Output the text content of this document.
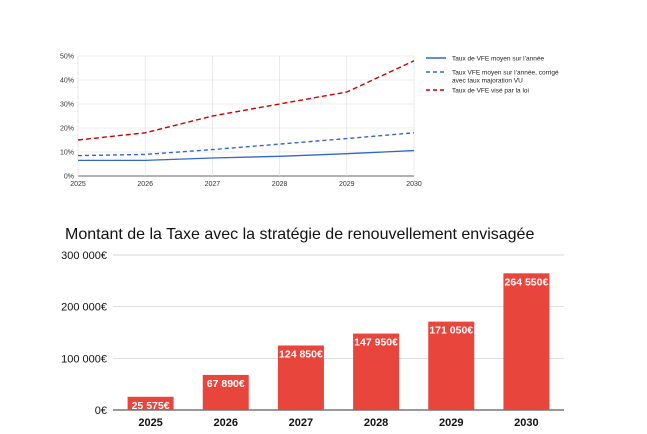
0%
10%
20%
30%
40%
50%
2025	2026	2027	2028	2029	2030
Taux de VFE moyen sur l’année
Taux VFE moyen sur l’année, corrigé avec taux majoration VU
Taux de VFE visé par la loi
Montant de la Taxe avec la stratégie de renouvellement envisagée
0€
100 000€
200 000€
300 000€
25 575€
2025
67 890€
2026
124 850€
2027
147 950€
2028
171 050€
2029
264 550€
2030
